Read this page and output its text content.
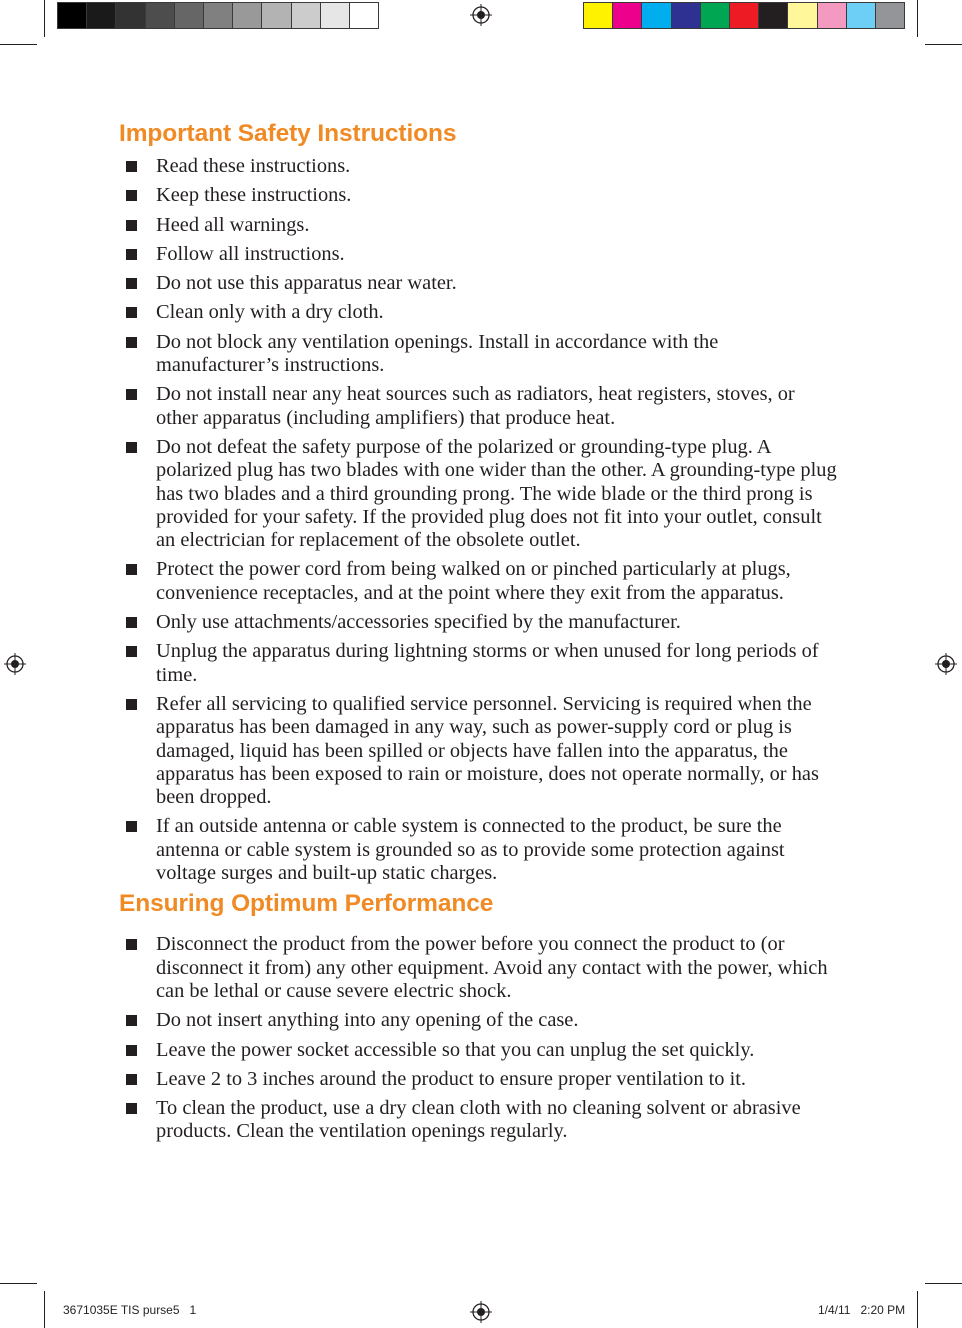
3671035E TIS purse5   1	1/4/11   2:20 PM
Important Safety Instructions
Read these instructions.
Keep these instructions.
Heed all warnings.
Follow all instructions.
Do not use this apparatus near water.
Clean only with a dry cloth.
Do not block any ventilation openings. Install in accordance with the manufacturer’s instructions.
Do not install near any heat sources such as radiators, heat registers, stoves, or other apparatus (including amplifiers) that produce heat.
Do not defeat the safety purpose of the polarized or grounding-type plug. A polarized plug has two blades with one wider than the other. A grounding-type plug has two blades and a third grounding prong. The wide blade or the third prong is provided for your safety. If the provided plug does not fit into your outlet, consult an electrician for replacement of the obsolete outlet.
Protect the power cord from being walked on or pinched particularly at plugs, convenience receptacles, and at the point where they exit from the apparatus.
Only use attachments/accessories specified by the manufacturer.
Unplug the apparatus during lightning storms or when unused for long periods of time.
Refer all servicing to qualified service personnel. Servicing is required when the apparatus has been damaged in any way, such as power-supply cord or plug is damaged, liquid has been spilled or objects have fallen into the apparatus, the apparatus has been exposed to rain or moisture, does not operate normally, or has been dropped.
If an outside antenna or cable system is connected to the product, be sure the antenna or cable system is grounded so as to provide some protection against voltage surges and built-up static charges.
Ensuring Optimum Performance
Disconnect the product from the power before you connect the product to (or disconnect it from) any other equipment. Avoid any contact with the power, which can be lethal or cause severe electric shock.
Do not insert anything into any opening of the case.
Leave the power socket accessible so that you can unplug the set quickly.
Leave 2 to 3 inches around the product to ensure proper ventilation to it.
To clean the product, use a dry clean cloth with no cleaning solvent or abrasive products. Clean the ventilation openings regularly.
